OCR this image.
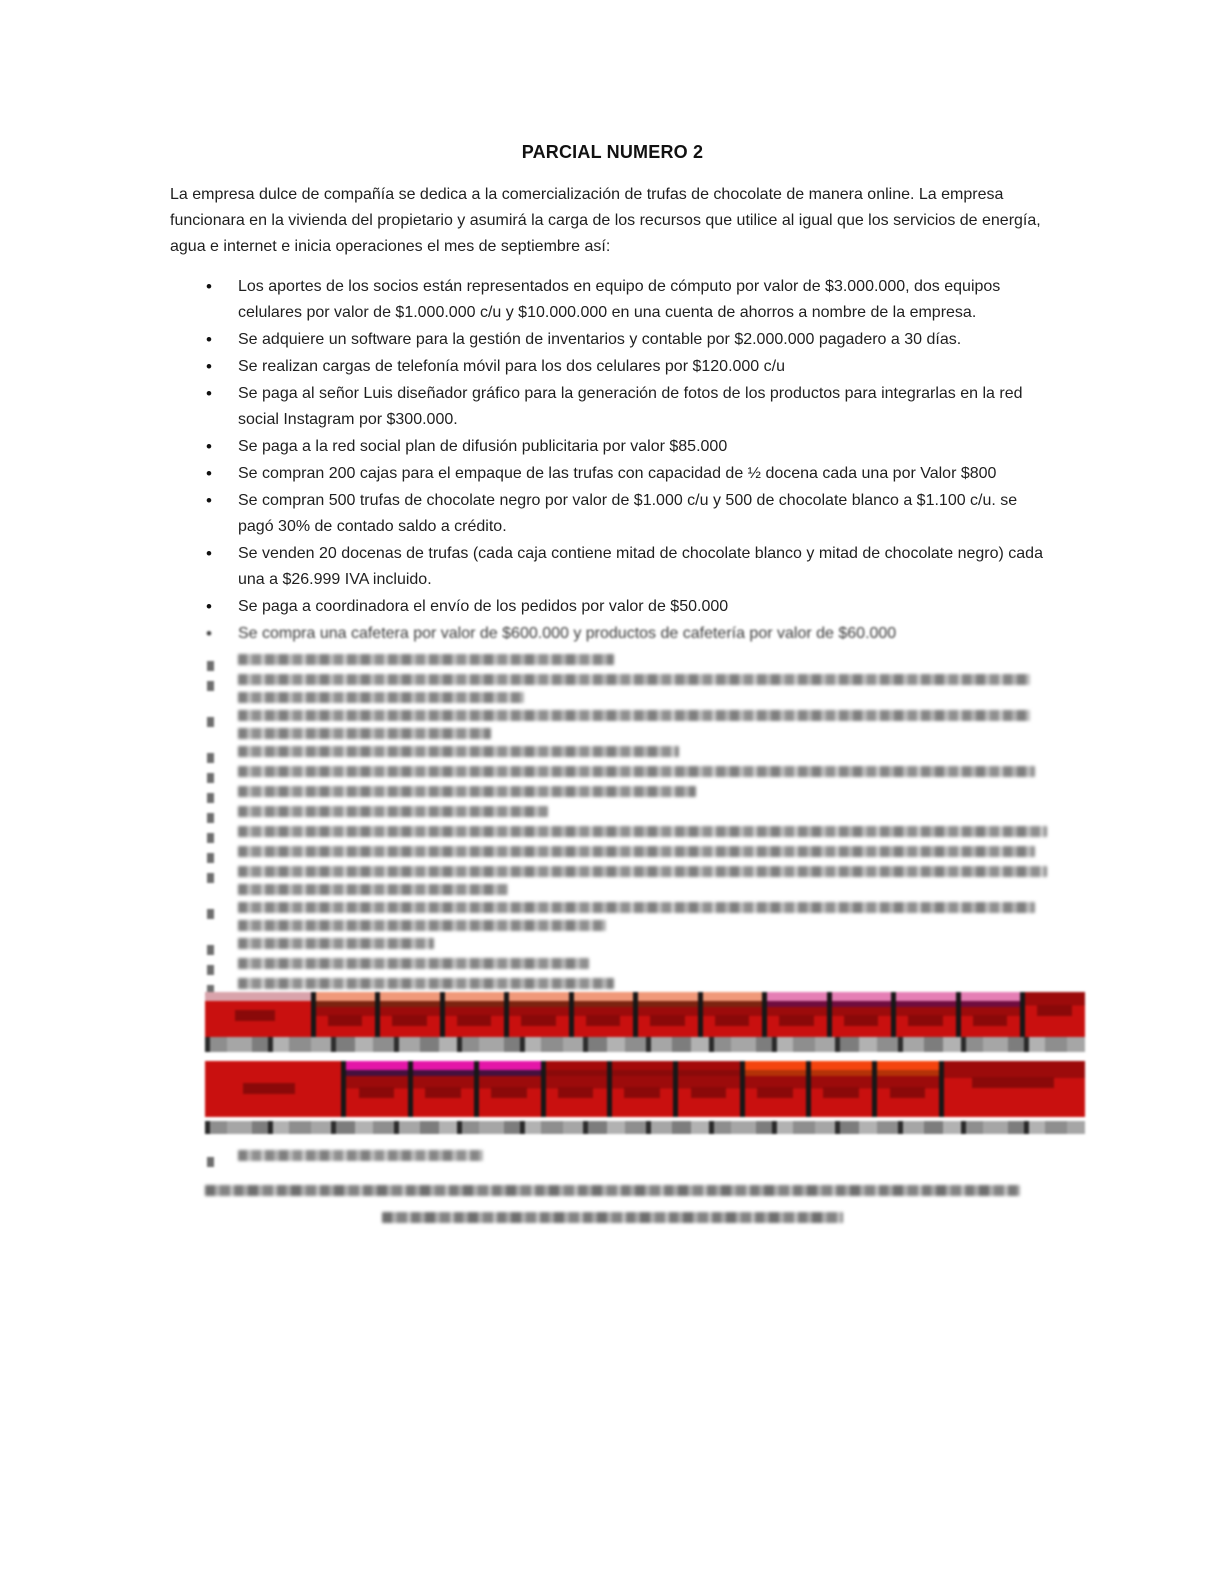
PARCIAL NUMERO 2

La empresa dulce de compañía se dedica a la comercialización de trufas de chocolate de manera online. La empresa funcionara en la vivienda del propietario y asumirá la carga de los recursos que utilice al igual que los servicios de energía, agua e internet e inicia operaciones el mes de septiembre así:

• Los aportes de los socios están representados en equipo de cómputo por valor de $3.000.000, dos equipos celulares por valor de $1.000.000 c/u y $10.000.000 en una cuenta de ahorros a nombre de la empresa.
• Se adquiere un software para la gestión de inventarios y contable por $2.000.000 pagadero a 30 días.
• Se realizan cargas de telefonía móvil para los dos celulares por $120.000 c/u
• Se paga al señor Luis diseñador gráfico para la generación de fotos de los productos para integrarlas en la red social Instagram por $300.000.
• Se paga a la red social plan de difusión publicitaria por valor $85.000
• Se compran 200 cajas para el empaque de las trufas con capacidad de ½ docena cada una por Valor $800
• Se compran 500 trufas de chocolate negro por valor de $1.000 c/u y 500 de chocolate blanco a $1.100 c/u. se pagó 30% de contado saldo a crédito.
• Se venden 20 docenas de trufas (cada caja contiene mitad de chocolate blanco y mitad de chocolate negro) cada una a $26.999 IVA incluido.
• Se paga a coordinadora el envío de los pedidos por valor de $50.000
• Se compra una cafetera por valor de $600.000 y productos de cafetería por valor de $60.000
